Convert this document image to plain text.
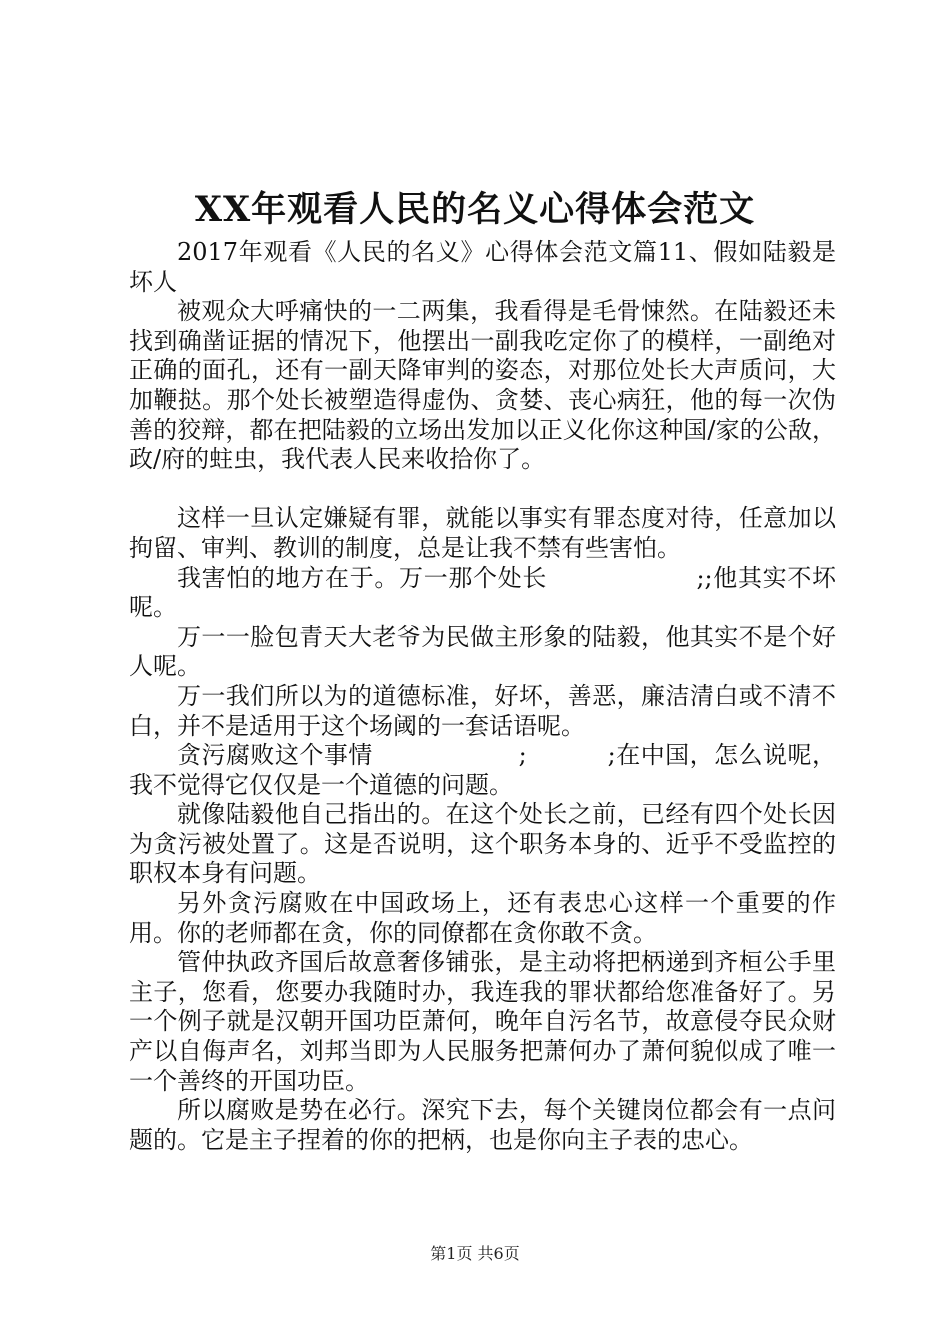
XX年观看人民的名义心得体会范文

2017年观看《人民的名义》心得体会范文篇11、假如陆毅是坏人

被观众大呼痛快的一二两集，我看得是毛骨悚然。在陆毅还未找到确凿证据的情况下，他摆出一副我吃定你了的模样，一副绝对正确的面孔，还有一副天降审判的姿态，对那位处长大声质问，大加鞭挞。那个处长被塑造得虚伪、贪婪、丧心病狂，他的每一次伪善的狡辩，都在把陆毅的立场出发加以正义化你这种国/家的公敌，政/府的蛀虫，我代表人民来收拾你了。

这样一旦认定嫌疑有罪，就能以事实有罪态度对待，任意加以拘留、审判、教训的制度，总是让我不禁有些害怕。

我害怕的地方在于。万一那个处长                  ;;他其实不坏呢。

万一一脸包青天大老爷为民做主形象的陆毅，他其实不是个好人呢。

万一我们所以为的道德标准，好坏，善恶，廉洁清白或不清不白，并不是适用于这个场阈的一套话语呢。

贪污腐败这个事情                  ;          ;在中国，怎么说呢，我不觉得它仅仅是一个道德的问题。

就像陆毅他自己指出的。在这个处长之前，已经有四个处长因为贪污被处置了。这是否说明，这个职务本身的、近乎不受监控的职权本身有问题。

另外贪污腐败在中国政场上，还有表忠心这样一个重要的作用。你的老师都在贪，你的同僚都在贪你敢不贪。

管仲执政齐国后故意奢侈铺张，是主动将把柄递到齐桓公手里主子，您看，您要办我随时办，我连我的罪状都给您准备好了。另一个例子就是汉朝开国功臣萧何，晚年自污名节，故意侵夺民众财产以自侮声名，刘邦当即为人民服务把萧何办了萧何貌似成了唯一一个善终的开国功臣。

所以腐败是势在必行。深究下去，每个关键岗位都会有一点问题的。它是主子捏着的你的把柄，也是你向主子表的忠心。

第1页 共6页
